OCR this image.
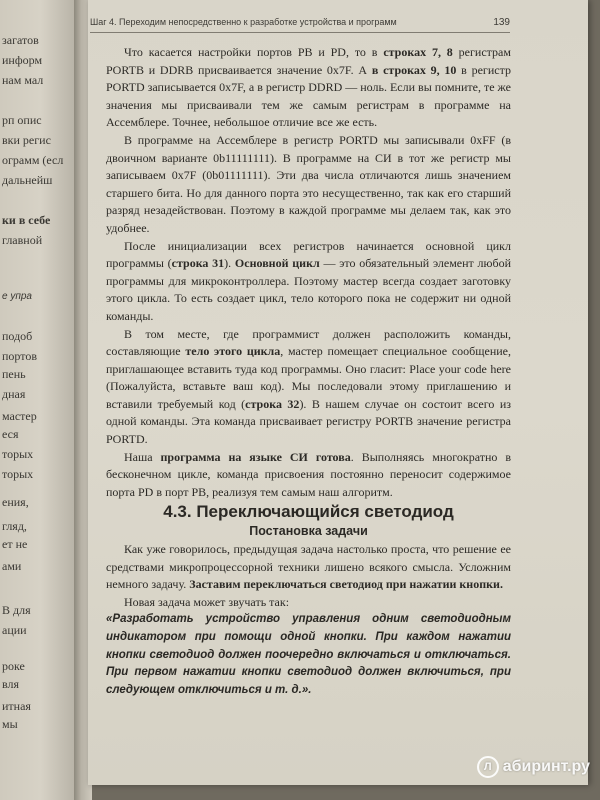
загатов
информ
нам мал
рп опис
вки регис
ограмм (есл
дальнейш
ки в себе
главной
е упра
подоб
портов
пень
дная
мастер
еся
торых
торых
ения,
гляд,
ет не
ами
B для
ации
роке
вля
итная
мы
Шаг 4. Переходим непосредственно к разработке устройства и программ	139

Что касается настройки портов PB и PD, то в строках 7, 8 регистрам PORTB и DDRB присваивается значение 0x7F. А в строках 9, 10 в регистр PORTD записывается 0x7F, а в регистр DDRD — ноль. Если вы помните, те же значения мы присваивали тем же самым регистрам в программе на Ассемблере. Точнее, небольшое отличие все же есть.

В программе на Ассемблере в регистр PORTD мы записывали 0xFF (в двоичном варианте 0b11111111). В программе на СИ в тот же регистр мы записываем 0x7F (0b01111111). Эти два числа отличаются лишь значением старшего бита. Но для данного порта это несущественно, так как его старший разряд незадействован. Поэтому в каждой программе мы делаем так, как это удобнее.

После инициализации всех регистров начинается основной цикл программы (строка 31). Основной цикл — это обязательный элемент любой программы для микроконтроллера. Поэтому мастер всегда создает заготовку этого цикла. То есть создает цикл, тело которого пока не содержит ни одной команды.

В том месте, где программист должен расположить команды, составляющие тело этого цикла, мастер помещает специальное сообщение, приглашающее вставить туда код программы. Оно гласит: Place your code here (Пожалуйста, вставьте ваш код). Мы последовали этому приглашению и вставили требуемый код (строка 32). В нашем случае он состоит всего из одной команды. Эта команда присваивает регистру PORTB значение регистра PORTD.

Наша программа на языке СИ готова. Выполняясь многократно в бесконечном цикле, команда присвоения постоянно переносит содержимое порта PD в порт PB, реализуя тем самым наш алгоритм.

4.3. Переключающийся светодиод

Постановка задачи

Как уже говорилось, предыдущая задача настолько проста, что решение ее средствами микропроцессорной техники лишено всякого смысла. Усложним немного задачу. Заставим переключаться светодиод при нажатии кнопки.

Новая задача может звучать так:

«Разработать устройство управления одним светодиодным индикатором при помощи одной кнопки. При каждом нажатии кнопки светодиод должен поочередно включаться и отключаться. При первом нажатии кнопки светодиод должен включиться, при следующем отключиться и т. д.».

Л абиринт.ру
